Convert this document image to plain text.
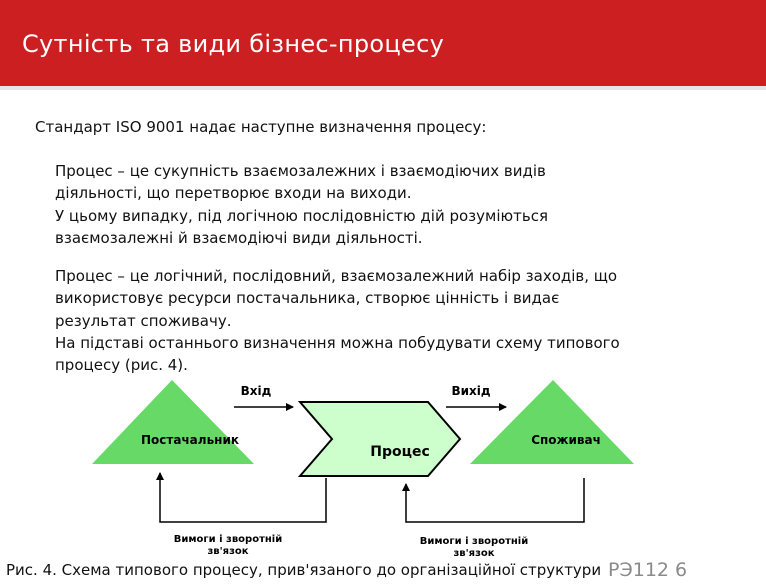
Сутність та види бізнес-процесу
Стандарт ISO 9001 надає наступне визначення процесу:
Процес – це сукупність взаємозалежних і взаємодіючих видів
діяльності, що перетворює входи на виходи.
У цьому випадку, під логічною послідовністю дій розуміються
взаємозалежні й взаємодіючі види діяльності.
Процес – це логічний, послідовний, взаємозалежний набір заходів, що
використовує ресурси постачальника, створює цінність і видає
результат споживачу.
На підставі останнього визначення можна побудувати схему типового
процесу (рис. 4).
Постачальник	Споживач
Процес
Вхід	Вихід
Вимоги і зворотній
зв'язок
Вимоги і зворотній
зв'язок
Рис. 4. Схема типового процесу, прив'язаного до організаційної структури РЭ112 6
